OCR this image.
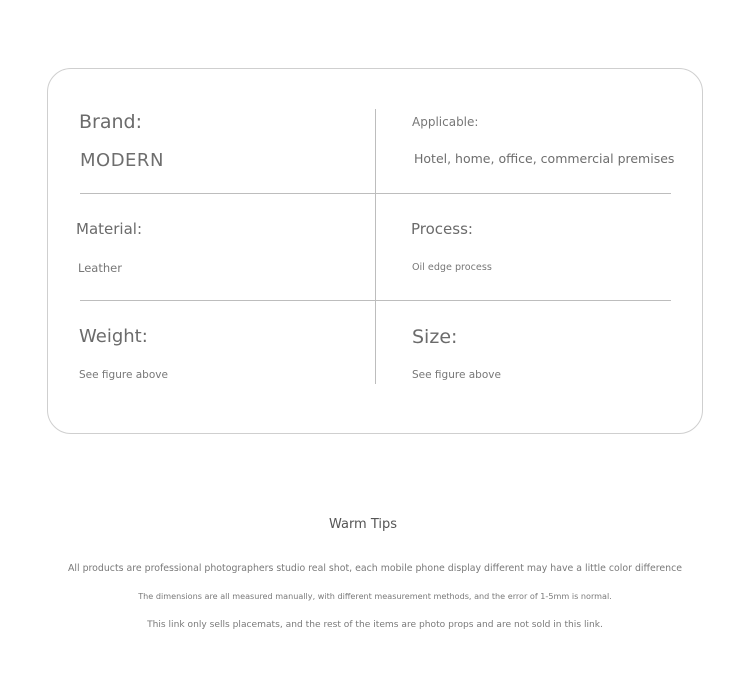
Brand:
MODERN
Applicable:
Hotel, home, office, commercial premises
Material:
Leather
Process:
Oil edge process
Weight:
See figure above
Size:
See figure above
Warm Tips
All products are professional photographers studio real shot, each mobile phone display different may have a little color difference
The dimensions are all measured manually, with different measurement methods, and the error of 1-5mm is normal.
This link only sells placemats, and the rest of the items are photo props and are not sold in this link.
